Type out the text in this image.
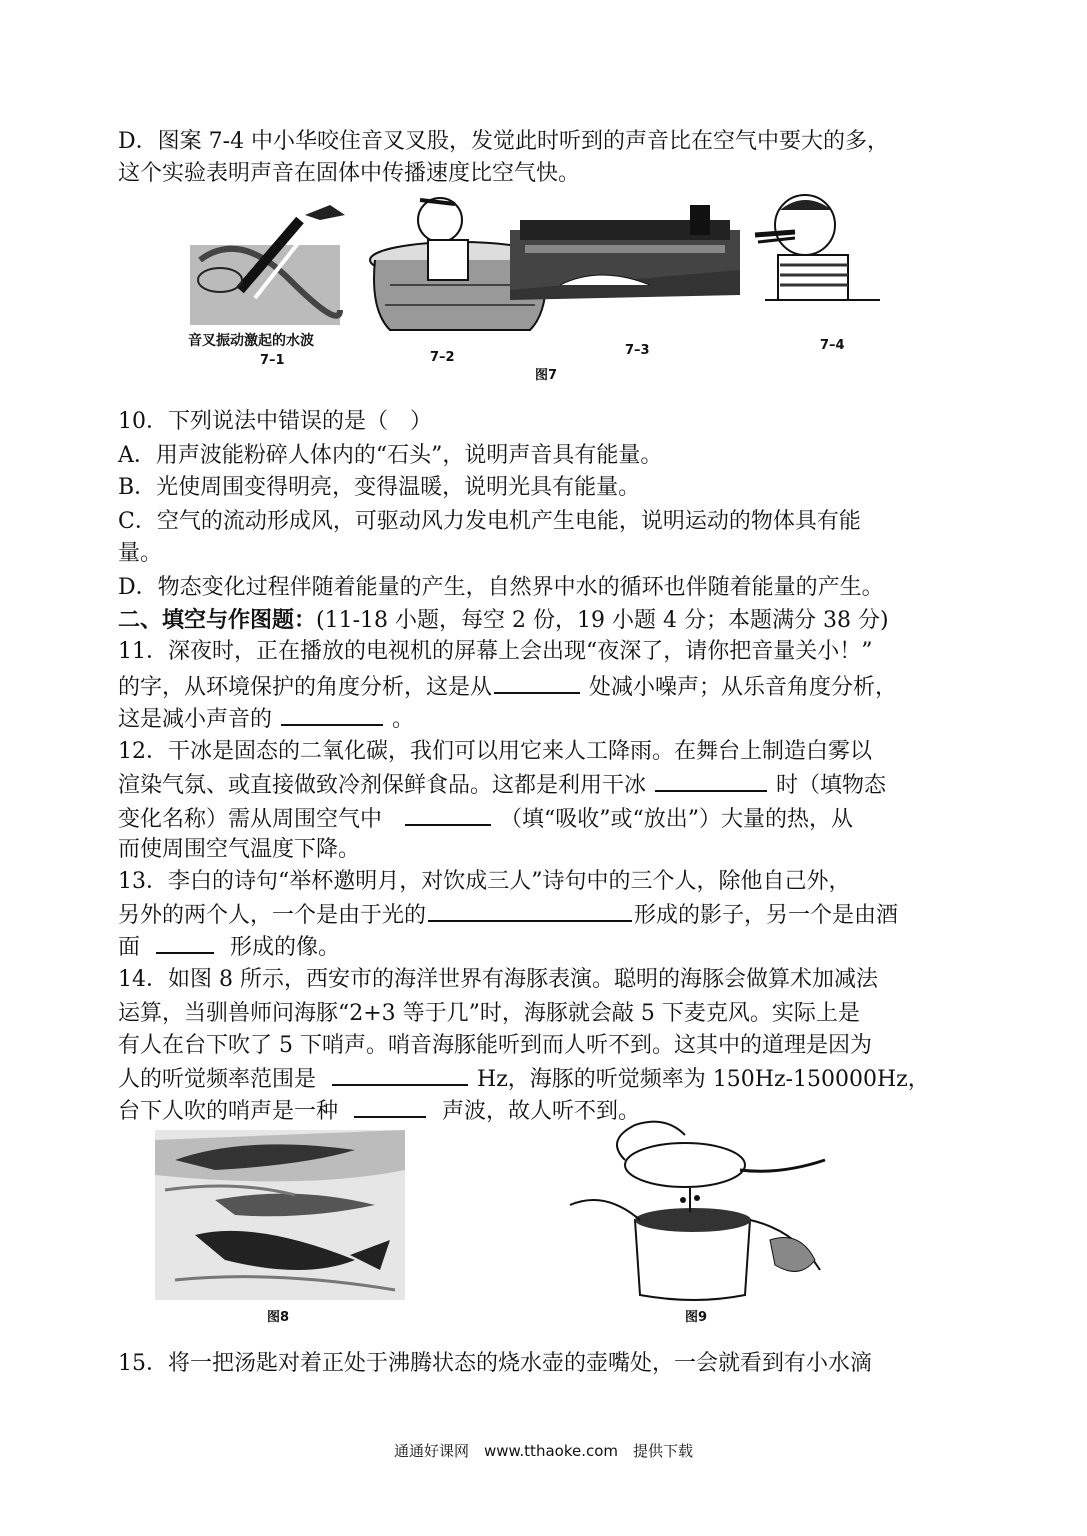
D．图案 7-4 中小华咬住音叉叉股，发觉此时听到的声音比在空气中要大的多，
这个实验表明声音在固体中传播速度比空气快。
音叉振动激起的水波
7–1	7–2	7–3	7–4
图7
10．下列说法中错误的是（　）
A．用声波能粉碎人体内的“石头”，说明声音具有能量。
B．光使周围变得明亮，变得温暖，说明光具有能量。
C．空气的流动形成风，可驱动风力发电机产生电能，说明运动的物体具有能
量。
D．物态变化过程伴随着能量的产生，自然界中水的循环也伴随着能量的产生。
二、填空与作图题：(11-18 小题，每空 2 份，19 小题 4 分；本题满分 38 分)
11．深夜时，正在播放的电视机的屏幕上会出现“夜深了，请你把音量关小！”
的字，从环境保护的角度分析，这是从	处减小噪声；从乐音角度分析，
这是减小声音的	。
12．干冰是固态的二氧化碳，我们可以用它来人工降雨。在舞台上制造白雾以
渲染气氛、或直接做致冷剂保鲜食品。这都是利用干冰	时（填物态
变化名称）需从周围空气中	（填“吸收”或“放出”）大量的热，从
而使周围空气温度下降。
13．李白的诗句“举杯邀明月，对饮成三人”诗句中的三个人，除他自己外，
另外的两个人，一个是由于光的	形成的影子，另一个是由酒
面	形成的像。
14．如图 8 所示，西安市的海洋世界有海豚表演。聪明的海豚会做算术加减法
运算，当驯兽师问海豚“2+3 等于几”时，海豚就会敲 5 下麦克风。实际上是
有人在台下吹了 5 下哨声。哨音海豚能听到而人听不到。这其中的道理是因为
人的听觉频率范围是	Hz，海豚的听觉频率为 150Hz-150000Hz，
台下人吹的哨声是一种	声波，故人听不到。
图8	图9
15．将一把汤匙对着正处于沸腾状态的烧水壶的壶嘴处，一会就看到有小水滴
通通好课网　www.tthaoke.com　提供下载
